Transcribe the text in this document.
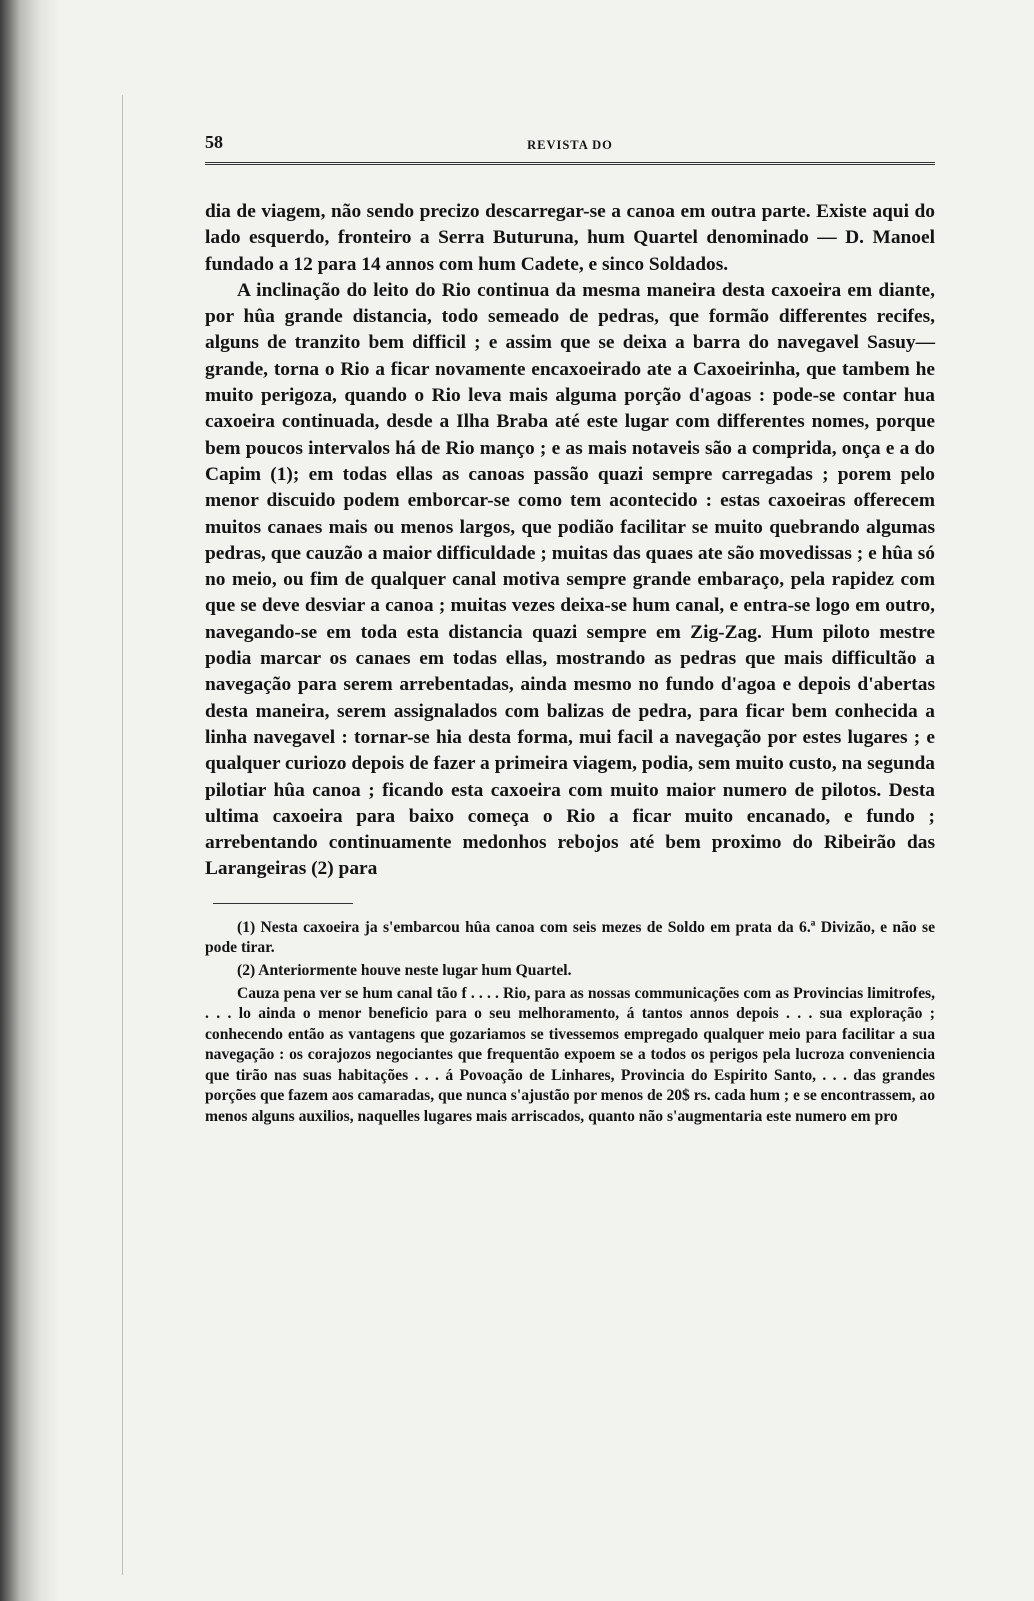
58	REVISTA DO

dia de viagem, não sendo precizo descarregar-se a canoa em outra parte. Existe aqui do lado esquerdo, fronteiro a Serra Buturuna, hum Quartel denominado — D. Manoel fundado a 12 para 14 annos com hum Cadete, e sinco Soldados.

A inclinação do leito do Rio continua da mesma maneira desta caxoeira em diante, por hûa grande distancia, todo semeado de pedras, que formão differentes recifes, alguns de tranzito bem difficil ; e assim que se deixa a barra do navegavel Sasuy—grande, torna o Rio a ficar novamente encaxoeirado ate a Caxoeirinha, que tambem he muito perigoza, quando o Rio leva mais alguma porção d'agoas : pode-se contar hua caxoeira continuada, desde a Ilha Braba até este lugar com differentes nomes, porque bem poucos intervalos há de Rio manço ; e as mais notaveis são a comprida, onça e a do Capim (1); em todas ellas as canoas passão quazi sempre carregadas ; porem pelo menor discuido podem emborcar-se como tem acontecido : estas caxoeiras offerecem muitos canaes mais ou menos largos, que podião facilitar se muito quebrando algumas pedras, que cauzão a maior difficuldade ; muitas das quaes ate são movedissas ; e hûa só no meio, ou fim de qualquer canal motiva sempre grande embaraço, pela rapidez com que se deve desviar a canoa ; muitas vezes deixa-se hum canal, e entra-se logo em outro, navegando-se em toda esta distancia quazi sempre em Zig-Zag. Hum piloto mestre podia marcar os canaes em todas ellas, mostrando as pedras que mais difficultão a navegação para serem arrebentadas, ainda mesmo no fundo d'agoa e depois d'abertas desta maneira, serem assignalados com balizas de pedra, para ficar bem conhecida a linha navegavel : tornar-se hia desta forma, mui facil a navegação por estes lugares ; e qualquer curiozo depois de fazer a primeira viagem, podia, sem muito custo, na segunda pilotiar hûa canoa ; ficando esta caxoeira com muito maior numero de pilotos. Desta ultima caxoeira para baixo começa o Rio a ficar muito encanado, e fundo ; arrebentando continuamente medonhos rebojos até bem proximo do Ribeirão das Larangeiras (2) para

(1) Nesta caxoeira ja s'embarcou hûa canoa com seis mezes de Soldo em prata da 6.ª Divizão, e não se pode tirar.

(2) Anteriormente houve neste lugar hum Quartel.

Cauza pena ver se hum canal tão f . . . . Rio, para as nossas communicações com as Provincias limitrofes, . . . lo ainda o menor beneficio para o seu melhoramento, á tantos annos depois . . . sua exploração ; conhecendo então as vantagens que gozariamos se tivessemos empregado qualquer meio para facilitar a sua navegação : os corajozos negociantes que frequentão expoem se a todos os perigos pela lucroza conveniencia que tirão nas suas habitações . . . á Povoação de Linhares, Provincia do Espirito Santo, . . . das grandes porções que fazem aos camaradas, que nunca s'ajustão por menos de 20$ rs. cada hum ; e se encontrassem, ao menos alguns auxilios, naquelles lugares mais arriscados, quanto não s'augmentaria este numero em pro
